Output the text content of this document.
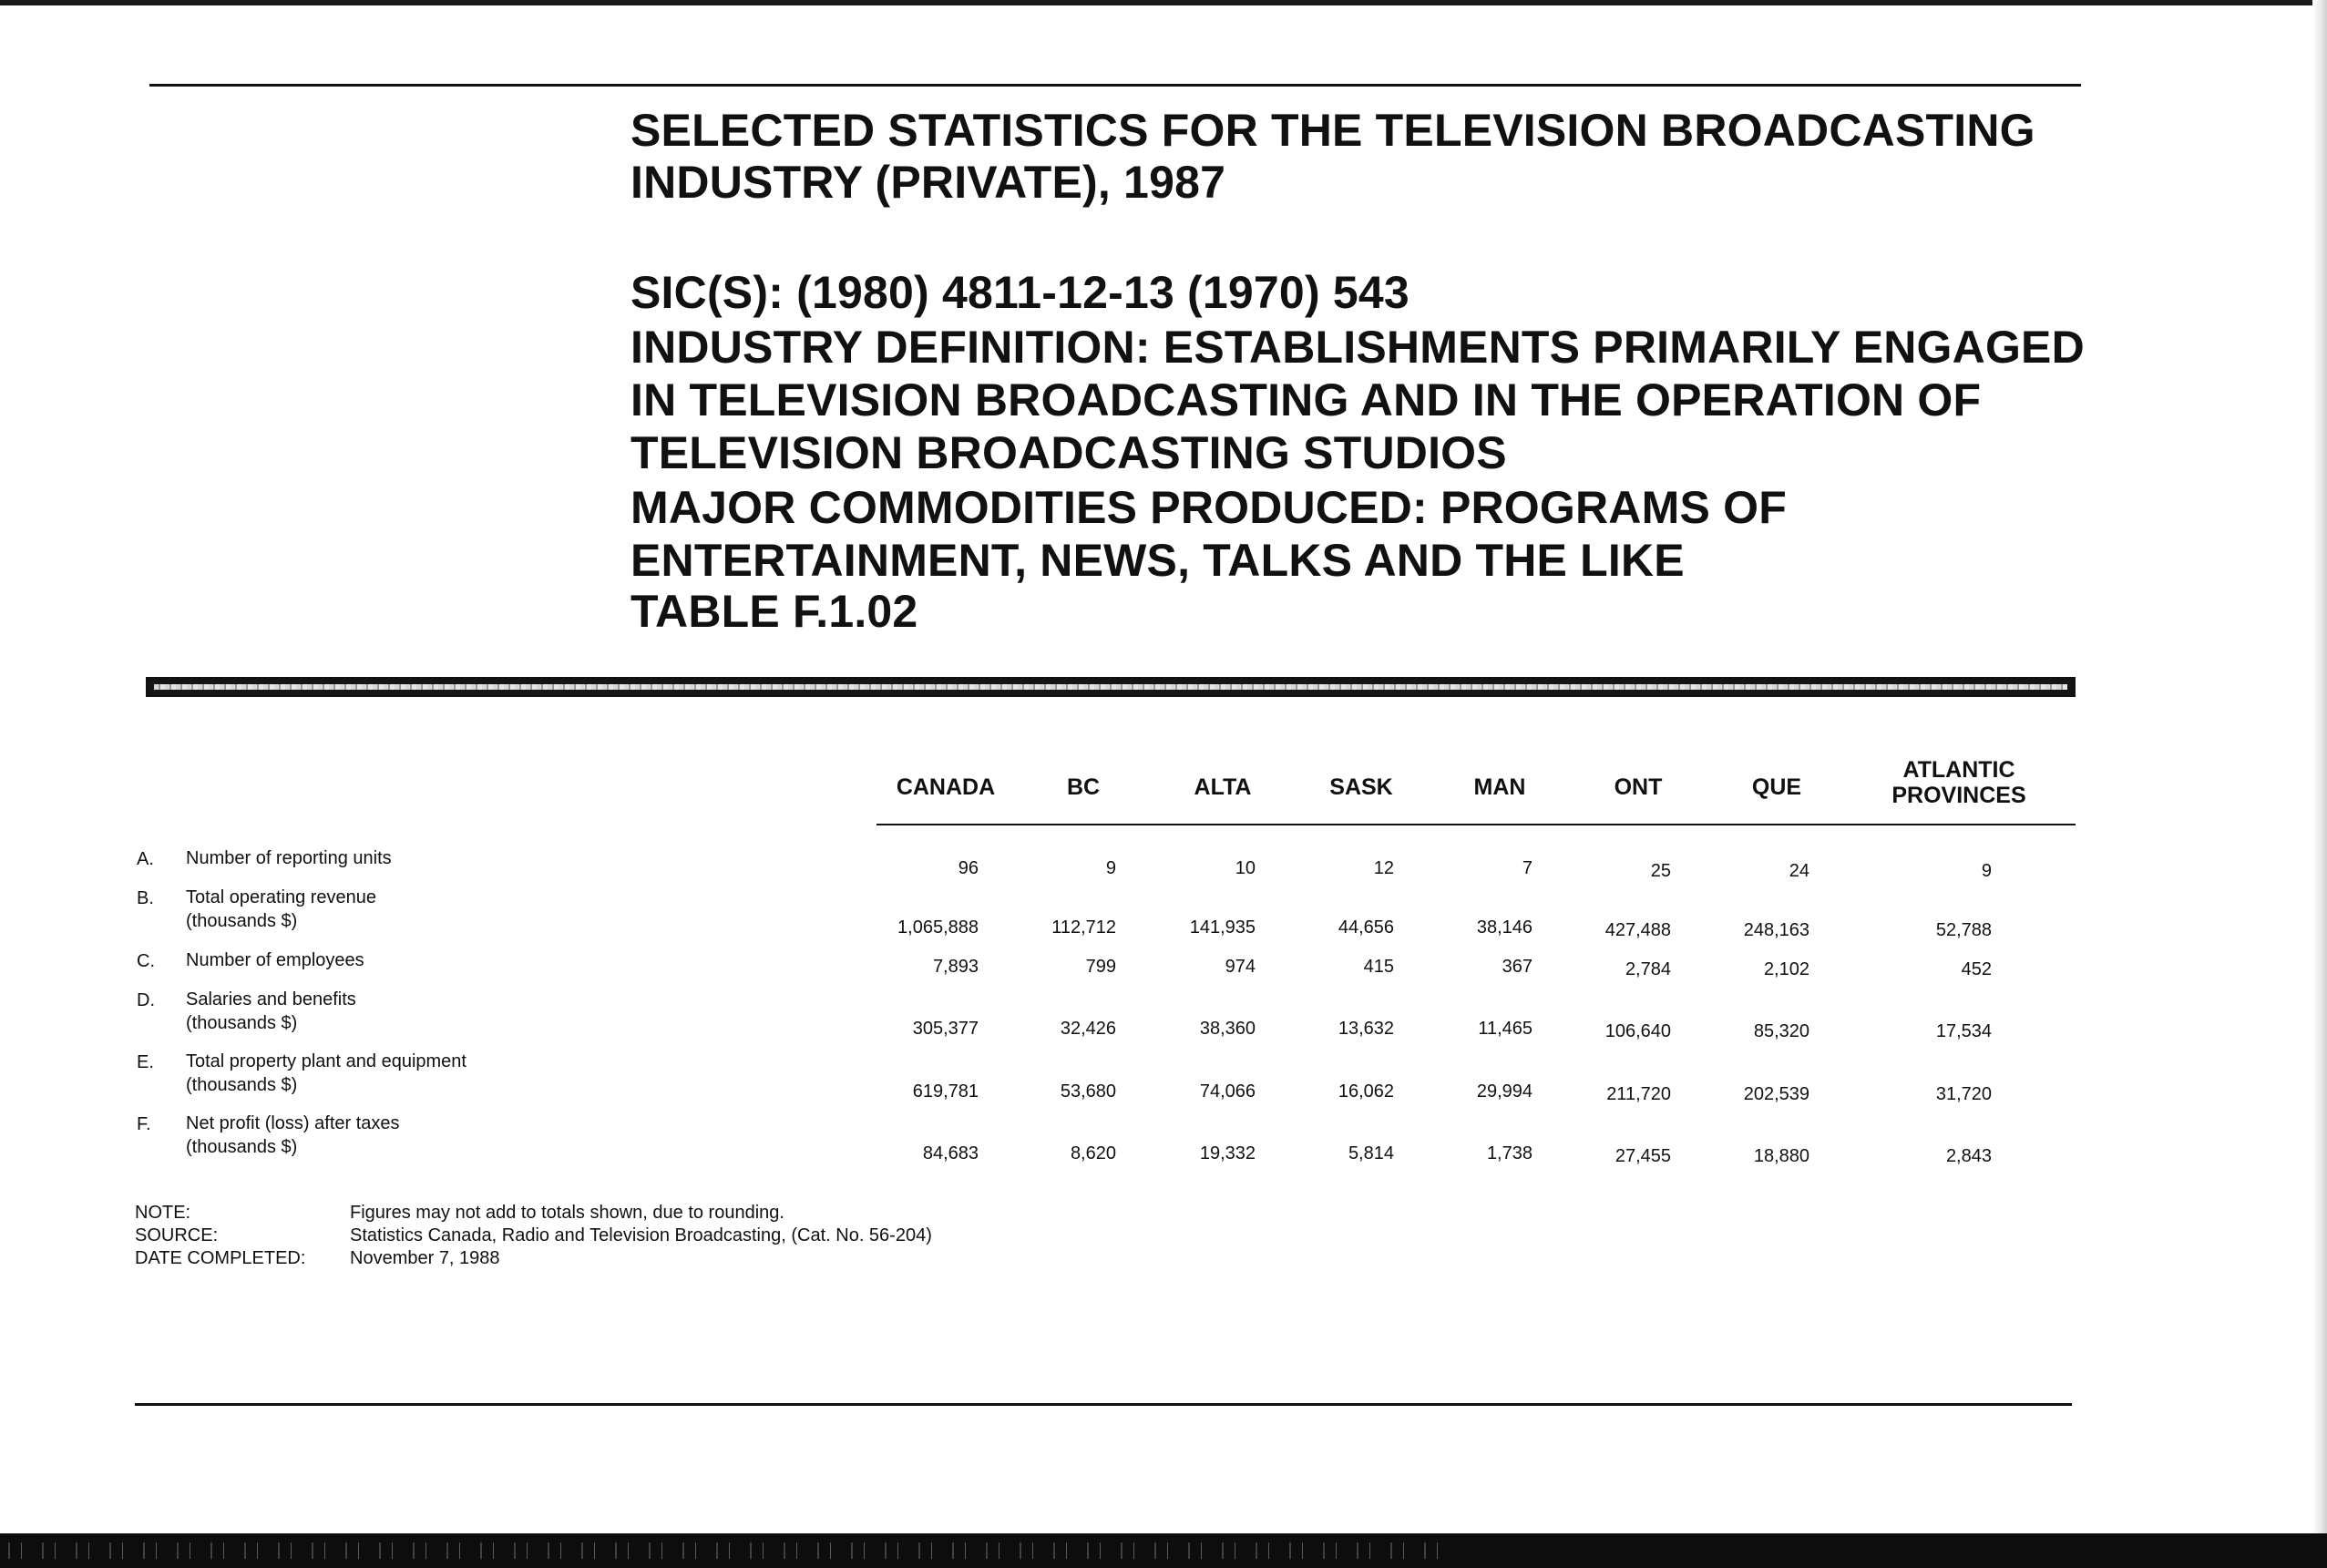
SELECTED STATISTICS FOR THE TELEVISION BROADCASTING
INDUSTRY (PRIVATE), 1987
SIC(S): (1980) 4811-12-13 (1970) 543
INDUSTRY DEFINITION: ESTABLISHMENTS PRIMARILY ENGAGED
IN TELEVISION BROADCASTING AND IN THE OPERATION OF
TELEVISION BROADCASTING STUDIOS
MAJOR COMMODITIES PRODUCED: PROGRAMS OF
ENTERTAINMENT, NEWS, TALKS AND THE LIKE
TABLE F.1.02
CANADA	BC	ALTA	SASK	MAN	ONT	QUE
ATLANTIC
PROVINCES
A. Number of reporting units	96	9	10	12	7	25	24	9
B. Total operating revenue
(thousands $)	1,065,888	112,712	141,935	44,656	38,146	427,488	248,163	52,788
C. Number of employees	7,893	799	974	415	367	2,784	2,102	452
D. Salaries and benefits
(thousands $)	305,377	32,426	38,360	13,632	11,465	106,640	85,320	17,534
E. Total property plant and equipment
(thousands $)	619,781	53,680	74,066	16,062	29,994	211,720	202,539	31,720
F. Net profit (loss) after taxes
(thousands $)	84,683	8,620	19,332	5,814	1,738	27,455	18,880	2,843
NOTE:	Figures may not add to totals shown, due to rounding.
SOURCE:	Statistics Canada, Radio and Television Broadcasting, (Cat. No. 56-204)
DATE COMPLETED: November 7, 1988
